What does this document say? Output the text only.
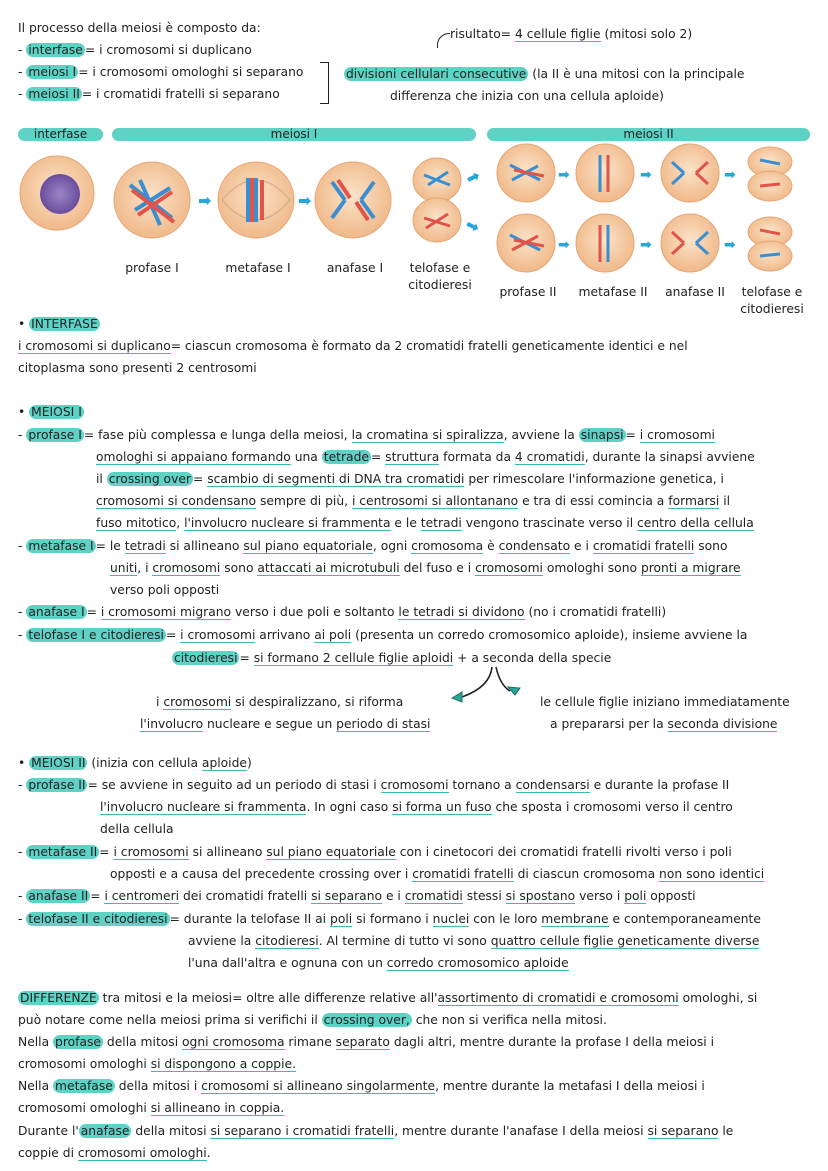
Il processo della meiosi è composto da:
- interfase = i cromosomi si duplicano
- meiosi I = i cromosomi omologhi si separano
- meiosi II = i cromatidi fratelli si separano
risultato= 4 cellule figlie (mitosi solo 2)
divisioni cellulari consecutive (la II è una mitosi con la principale
differenza che inizia con una cellula aploide)
interfase	meiosi I	meiosi II
➡	➡
➡
➡
➡	➡	➡
➡	➡	➡
profase I	metafase I	anafase I	telofase e
citodieresi	profase II	metafase II	anafase II	telofase e
citodieresi
• INTERFASE
i cromosomi si duplicano= ciascun cromosoma è formato da 2 cromatidi fratelli geneticamente identici e nel
citoplasma sono presenti 2 centrosomi
• MEIOSI I
- profase I = fase più complessa e lunga della meiosi, la cromatina si spiralizza, avviene la sinapsi = i cromosomi
omologhi si appaiano formando una tetrade = struttura formata da 4 cromatidi, durante la sinapsi avviene
il crossing over = scambio di segmenti di DNA tra cromatidi per rimescolare l'informazione genetica, i
cromosomi si condensano sempre di più, i centrosomi si allontanano e tra di essi comincia a formarsi il
fuso mitotico, l'involucro nucleare si frammenta e le tetradi vengono trascinate verso il centro della cellula
- metafase I = le tetradi si allineano sul piano equatoriale, ogni cromosoma è condensato e i cromatidi fratelli sono
uniti, i cromosomi sono attaccati ai microtubuli del fuso e i cromosomi omologhi sono pronti a migrare
verso poli opposti
- anafase I = i cromosomi migrano verso i due poli e soltanto le tetradi si dividono (no i cromatidi fratelli)
- telofase I e citodieresi = i cromosomi arrivano ai poli (presenta un corredo cromosomico aploide), insieme avviene la
citodieresi = si formano 2 cellule figlie aploidi + a seconda della specie
i cromosomi si despiralizzano, si riforma
l'involucro nucleare e segue un periodo di stasi
le cellule figlie iniziano immediatamente
a prepararsi per la seconda divisione
• MEIOSI II (inizia con cellula aploide)
- profase II = se avviene in seguito ad un periodo di stasi i cromosomi tornano a condensarsi e durante la profase II
l'involucro nucleare si frammenta. In ogni caso si forma un fuso che sposta i cromosomi verso il centro
della cellula
- metafase II = i cromosomi si allineano sul piano equatoriale con i cinetocori dei cromatidi fratelli rivolti verso i poli
opposti e a causa del precedente crossing over i cromatidi fratelli di ciascun cromosoma non sono identici
- anafase II = i centromeri dei cromatidi fratelli si separano e i cromatidi stessi si spostano verso i poli opposti
- telofase II e citodieresi = durante la telofase II ai poli si formano i nuclei con le loro membrane e contemporaneamente
avviene la citodieresi. Al termine di tutto vi sono quattro cellule figlie geneticamente diverse
l'una dall'altra e ognuna con un corredo cromosomico aploide
DIFFERENZE tra mitosi e la meiosi= oltre alle differenze relative all'assortimento di cromatidi e cromosomi omologhi, si
può notare come nella meiosi prima si verifichi il crossing over, che non si verifica nella mitosi.
Nella profase della mitosi ogni cromosoma rimane separato dagli altri, mentre durante la profase I della meiosi i
cromosomi omologhi si dispongono a coppie.
Nella metafase della mitosi i cromosomi si allineano singolarmente, mentre durante la metafasi I della meiosi i
cromosomi omologhi si allineano in coppia.
Durante l' anafase della mitosi si separano i cromatidi fratelli, mentre durante l'anafase I della meiosi si separano le
coppie di cromosomi omologhi.
